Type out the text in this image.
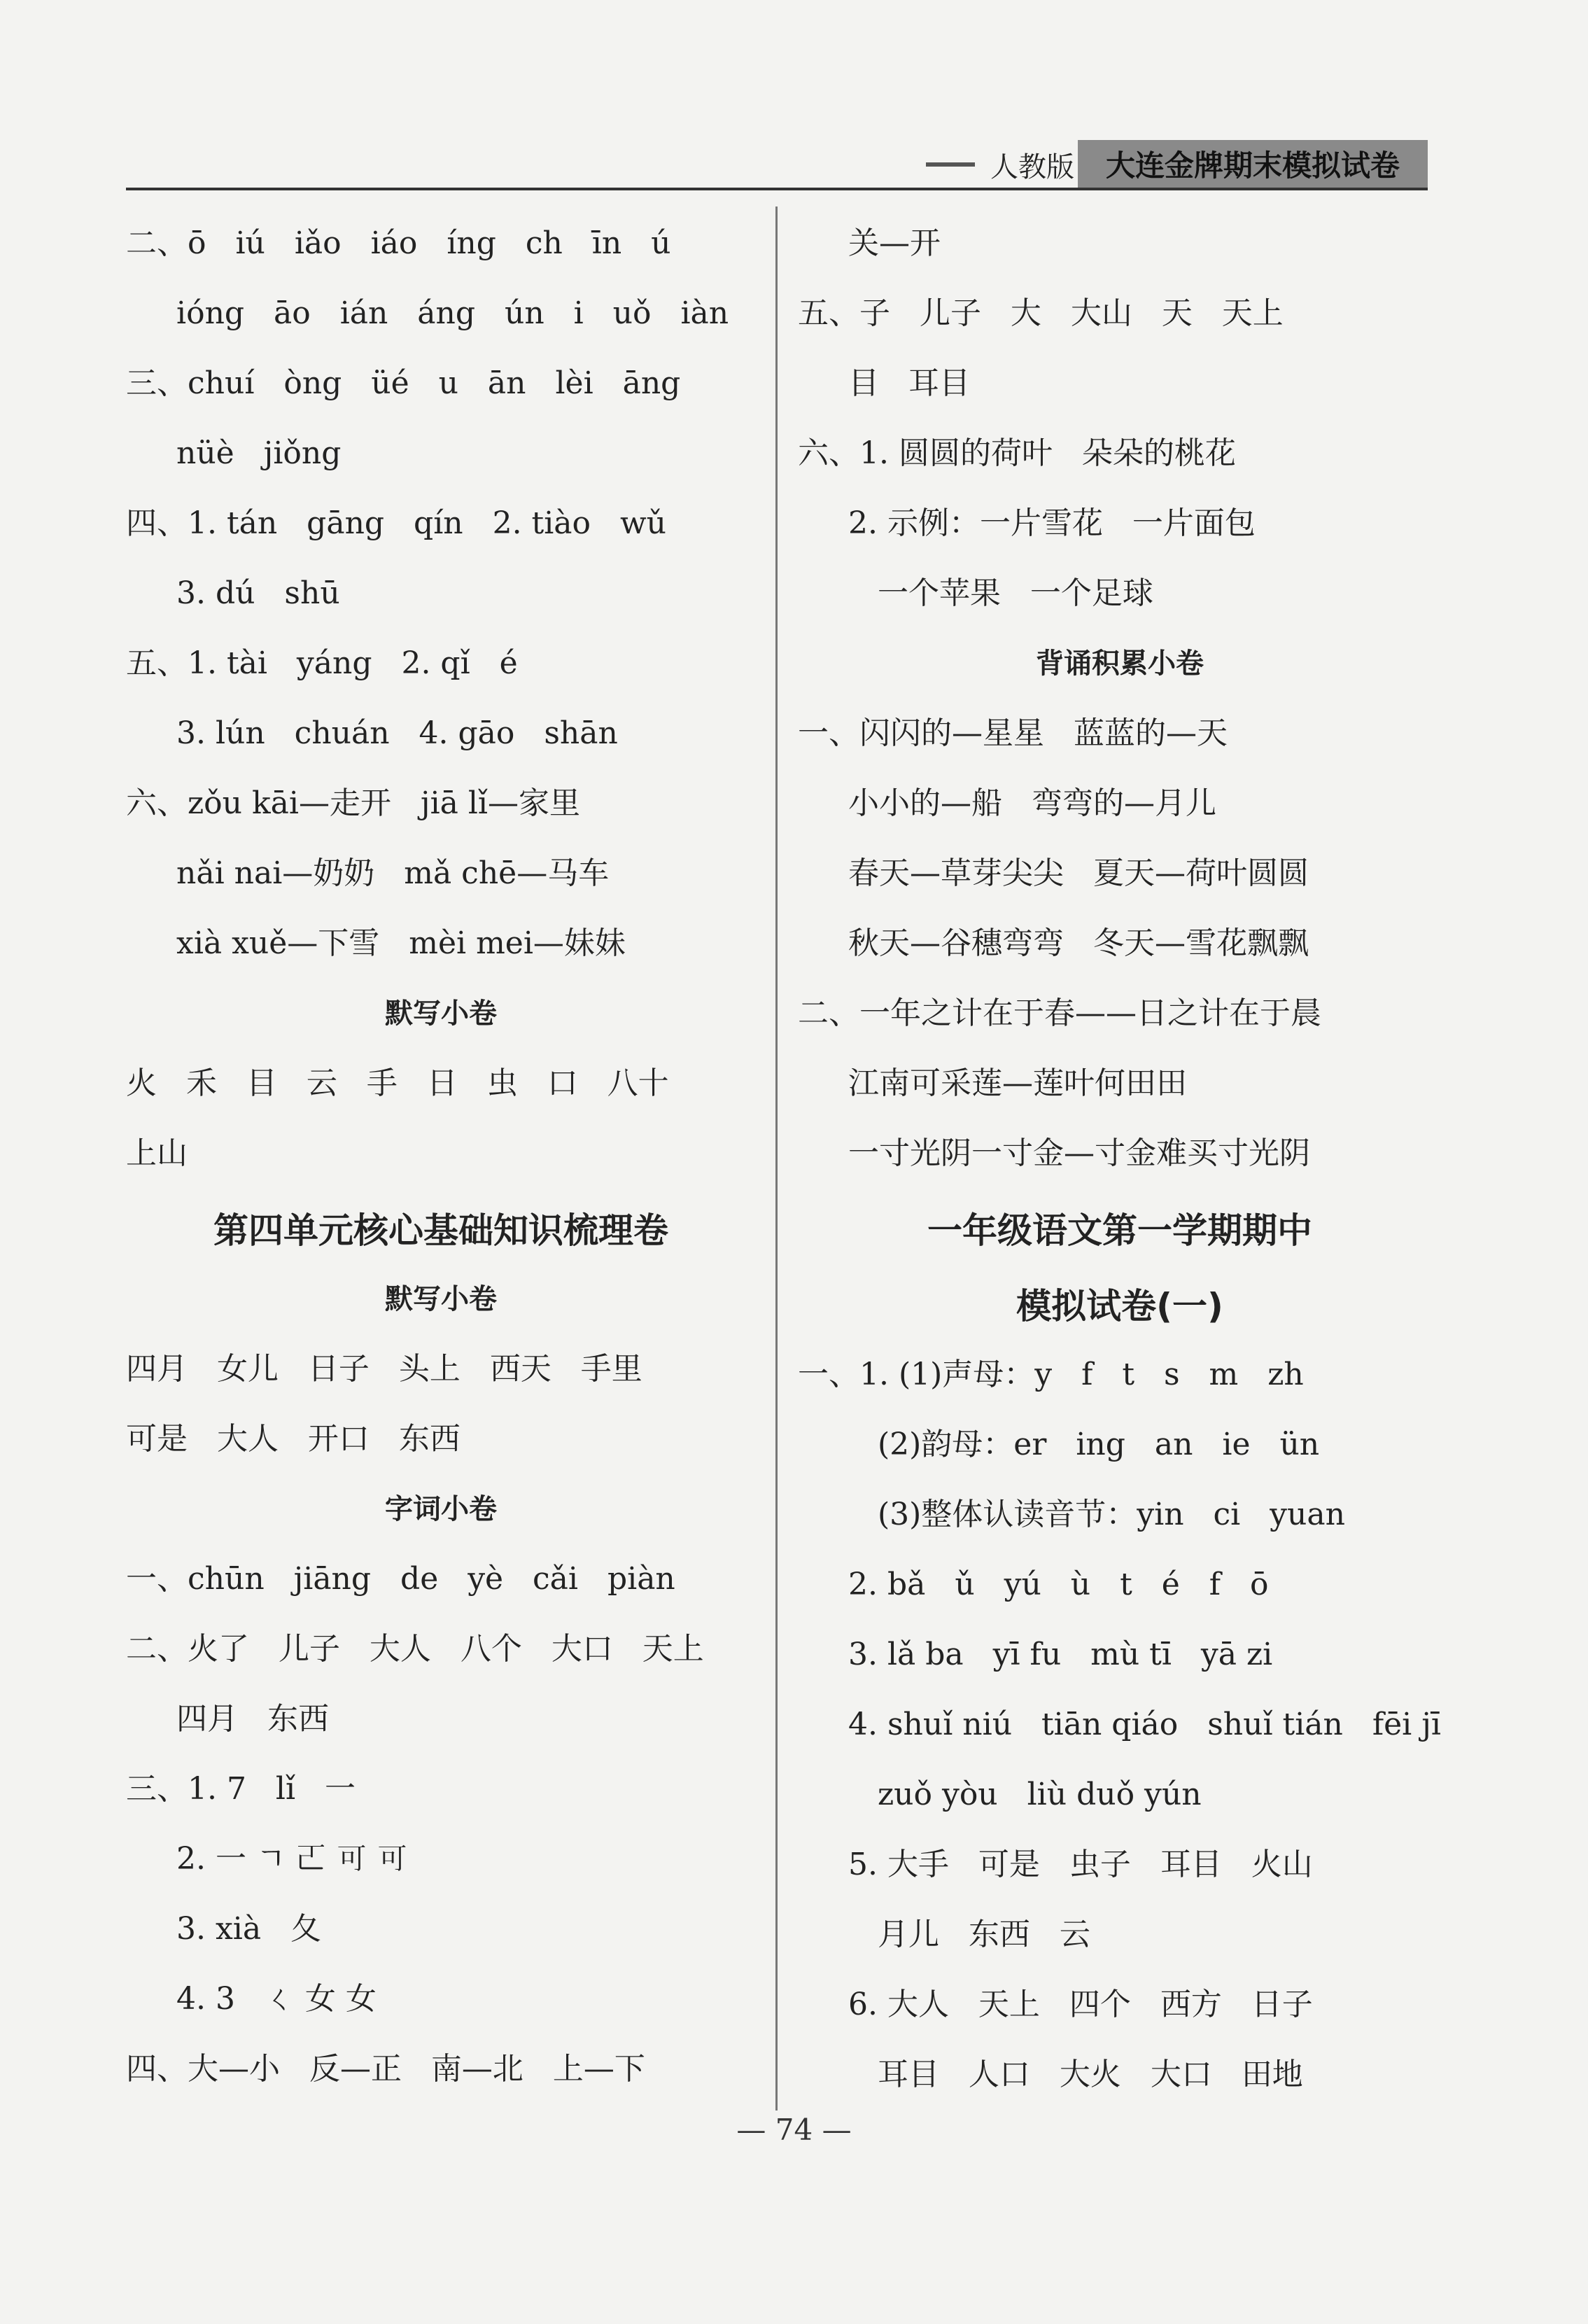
人教版	大连金牌期末模拟试卷
二、ō   iú   iǎo   iáo   íng   ch   īn   ú
ióng   āo   ián   áng   ún   i   uǒ   iàn
三、chuí   òng   üé   u   ān   lèi   āng
nüè   jiǒng
四、1. tán   gāng   qín   2. tiào   wǔ
3. dú   shū
五、1. tài   yáng   2. qǐ   é
3. lún   chuán   4. gāo   shān
六、zǒu kāi—走开   jiā lǐ—家里
nǎi nai—奶奶   mǎ chē—马车
xià xuě—下雪   mèi mei—妹妹
默写小卷
火   禾   目   云   手   日   虫   口   八十
上山
第四单元核心基础知识梳理卷
默写小卷
四月   女儿   日子   头上   西天   手里
可是   大人   开口   东西
字词小卷
一、chūn   jiāng   de   yè   cǎi   piàn
二、火了   儿子   大人   八个   大口   天上
四月   东西
三、1. 7   lǐ   一
2. 一 ㄱ 𠀀 可 可
3. xià   夂
4. 3   ㄑ 女 女
四、大—小   反—正   南—北   上—下
关—开
五、子   儿子   大   大山   天   天上
目   耳目
六、1. 圆圆的荷叶   朵朵的桃花
2. 示例：一片雪花   一片面包
一个苹果   一个足球
背诵积累小卷
一、闪闪的—星星   蓝蓝的—天
小小的—船   弯弯的—月儿
春天—草芽尖尖   夏天—荷叶圆圆
秋天—谷穗弯弯   冬天—雪花飘飘
二、一年之计在于春——日之计在于晨
江南可采莲—莲叶何田田
一寸光阴一寸金—寸金难买寸光阴
一年级语文第一学期期中
模拟试卷(一)
一、1. (1)声母：y   f   t   s   m   zh
(2)韵母：er   ing   an   ie   ün
(3)整体认读音节：yin   ci   yuan
2. bǎ   ǔ   yú   ù   t   é   f   ō
3. lǎ ba   yī fu   mù tī   yā zi
4. shuǐ niú   tiān qiáo   shuǐ tián   fēi jī
zuǒ yòu   liù duǒ yún
5. 大手   可是   虫子   耳目   火山
月儿   东西   云
6. 大人   天上   四个   西方   日子
耳目   人口   大火   大口   田地
— 74 —
